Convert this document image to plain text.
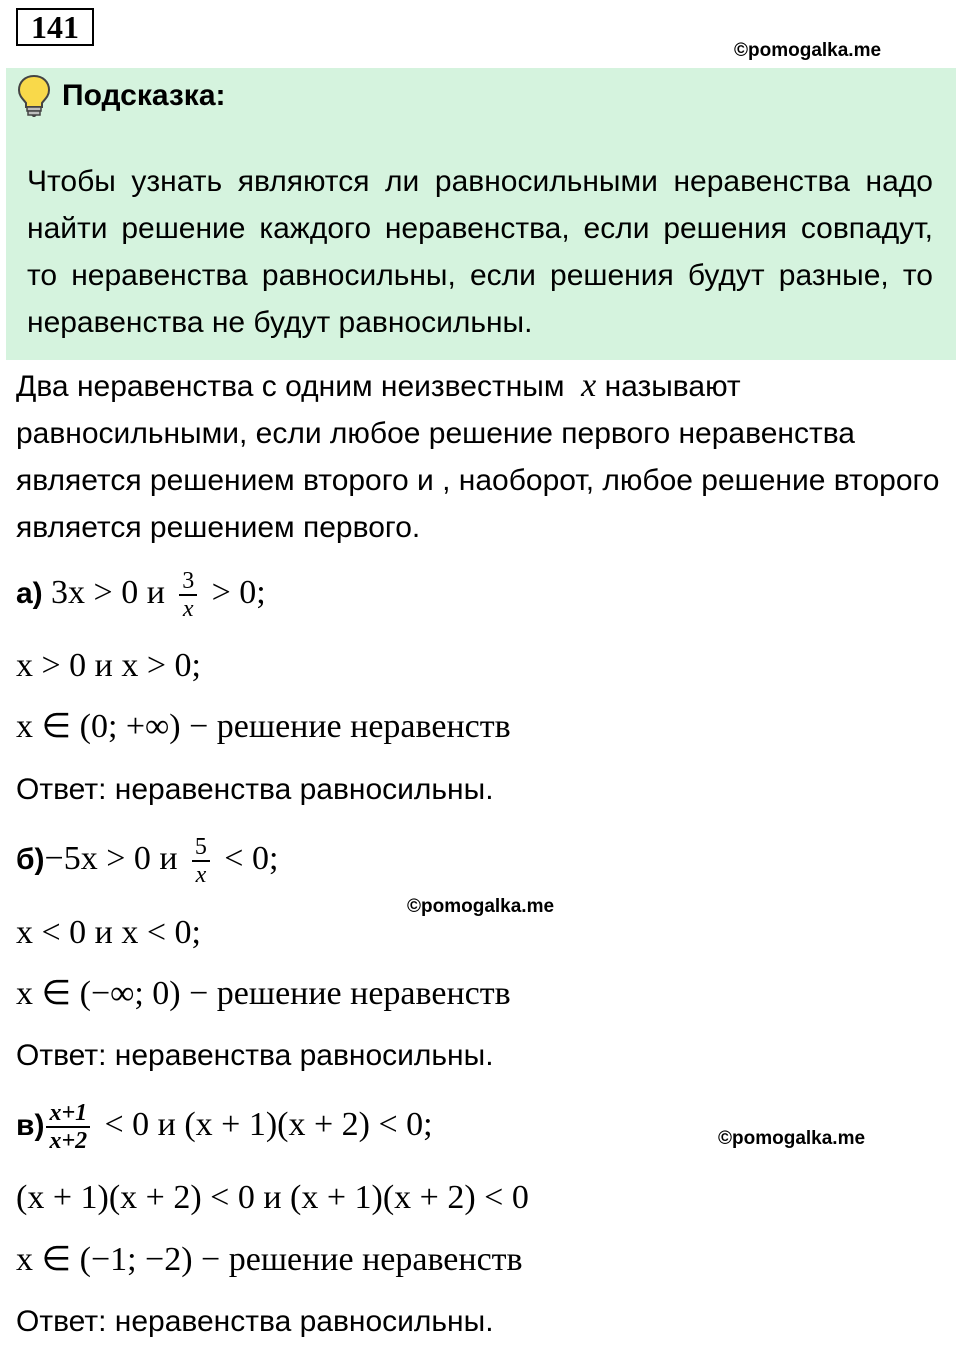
141
©pomogalka.me
©pomogalka.me
©pomogalka.me
Подсказка:
Чтобы узнать являются ли равносильными неравенства надо найти решение каждого неравенства, если решения совпадут, то неравенства равносильны, если решения будут разные, то неравенства не будут равносильны.
Два неравенства с одним неизвестным x называют равносильными, если любое решение первого неравенства является решением второго и , наоборот, любое решение второго является решением первого.
а) 3x > 0 и $\frac{3}{x} > 0$;
x > 0 и x > 0;
x ∈ (0; +∞) − решение неравенств
Ответ: неравенства равносильны.
б)−5x > 0 и $\frac{5}{x} < 0$;
x < 0 и x < 0;
x ∈ (−∞; 0) − решение неравенств
Ответ: неравенства равносильны.
$в) \frac{x+1}{x+2} < 0$ и (x + 1)(x + 2) < 0;
(x + 1)(x + 2) < 0 и (x + 1)(x + 2) < 0
x ∈ (−1; −2) − решение неравенств
Ответ: неравенства равносильны.
